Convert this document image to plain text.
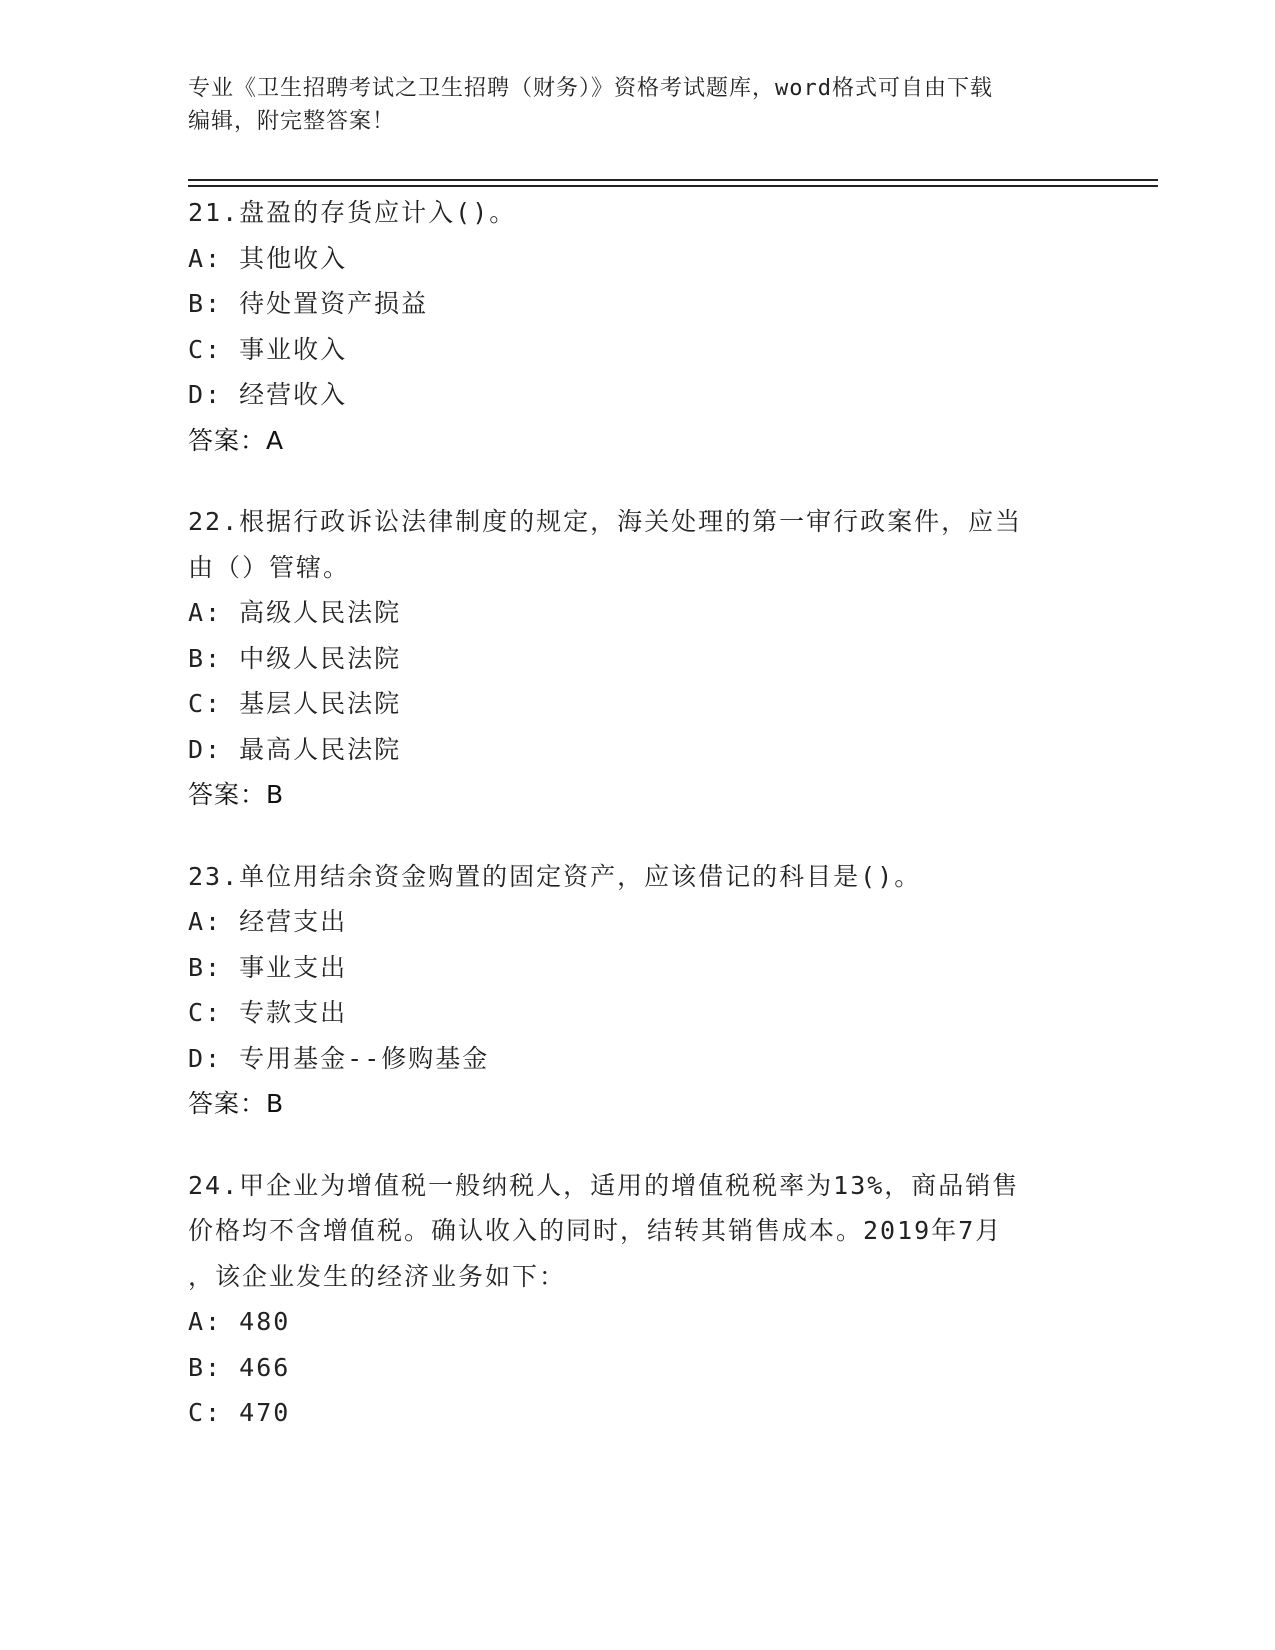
专业《卫生招聘考试之卫生招聘（财务）》资格考试题库，word格式可自由下载
编辑，附完整答案！
21.盘盈的存货应计入()。
A: 其他收入
B: 待处置资产损益
C: 事业收入
D: 经营收入
答案：A
22.根据行政诉讼法律制度的规定，海关处理的第一审行政案件，应当
由（）管辖。
A: 高级人民法院
B: 中级人民法院
C: 基层人民法院
D: 最高人民法院
答案：B
23.单位用结余资金购置的固定资产，应该借记的科目是()。
A: 经营支出
B: 事业支出
C: 专款支出
D: 专用基金--修购基金
答案：B
24.甲企业为增值税一般纳税人，适用的增值税税率为13%，商品销售
价格均不含增值税。确认收入的同时，结转其销售成本。2019年7月
，该企业发生的经济业务如下：
A: 480
B: 466
C: 470
